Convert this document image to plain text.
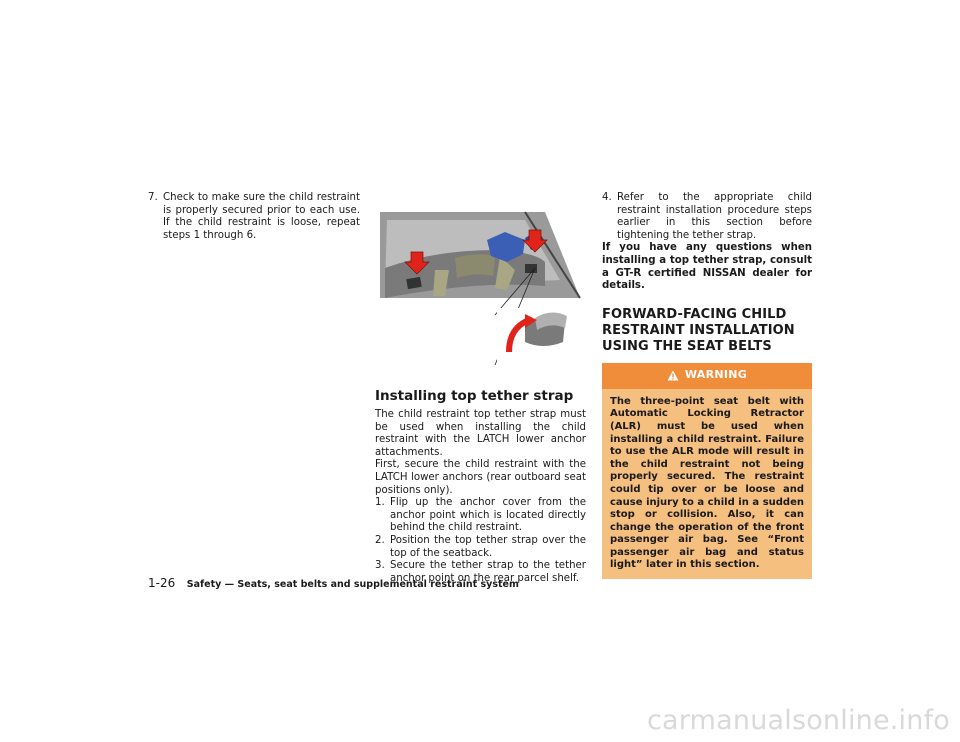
7. Check to make sure the child restraint is properly secured prior to each use. If the child restraint is loose, repeat steps 1 through 6.
Installing top tether strap

The child restraint top tether strap must be used when installing the child restraint with the LATCH lower anchor attachments.

First, secure the child restraint with the LATCH lower anchors (rear outboard seat positions only).

1. Flip up the anchor cover from the anchor point which is located directly behind the child restraint.
2. Position the top tether strap over the top of the seatback.
3. Secure the tether strap to the tether anchor point on the rear parcel shelf.
4. Refer to the appropriate child restraint installation procedure steps earlier in this section before tightening the tether strap.

If you have any questions when installing a top tether strap, consult a GT-R certified NISSAN dealer for details.

FORWARD-FACING CHILD RESTRAINT INSTALLATION USING THE SEAT BELTS
WARNING
The three-point seat belt with Automatic Locking Retractor (ALR) must be used when installing a child restraint. Failure to use the ALR mode will result in the child restraint not being properly secured. The restraint could tip over or be loose and cause injury to a child in a sudden stop or collision. Also, it can change the operation of the front passenger air bag. See “Front passenger air bag and status light” later in this section.
1-26 Safety — Seats, seat belts and supplemental restraint system
carmanualsonline.info
